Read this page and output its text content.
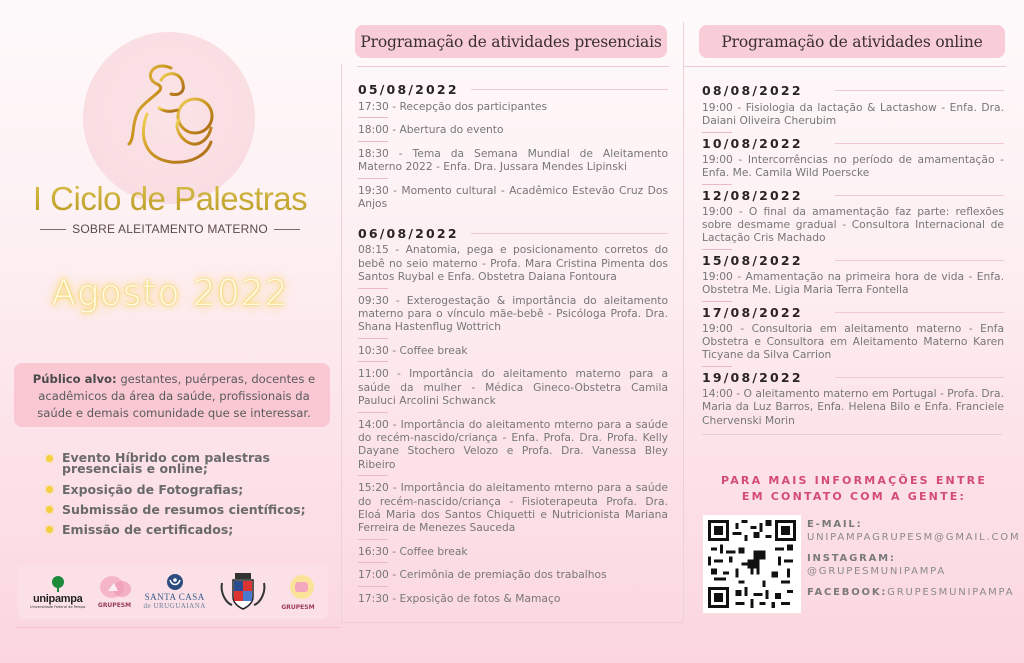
I Ciclo de Palestras
SOBRE ALEITAMENTO MATERNO
Agosto 2022
Público alvo: gestantes, puérperas, docentes e acadêmicos da área da saúde, profissionais da saúde e demais comunidade que se interessar.
Evento Híbrido com palestras presenciais e online;
Exposição de Fotografias;
Submissão de resumos científicos;
Emissão de certificados;
unipampa
Universidade Federal do Pampa GRUPESM
SANTA CASA
de URUGUAIANA	GRUPESM
Programação de atividades presenciais
05/08/2022
17:30 - Recepção dos participantes
18:00 - Abertura do evento
18:30 - Tema da Semana Mundial de Aleitamento Materno 2022 - Enfa. Dra. Jussara Mendes Lipinski
19:30 - Momento cultural - Acadêmico Estevão Cruz Dos Anjos
06/08/2022
08:15 - Anatomia, pega e posicionamento corretos do bebê no seio materno - Profa. Mara Cristina Pimenta dos Santos Ruybal e Enfa. Obstetra Daiana Fontoura
09:30 - Exterogestação & importância do aleitamento materno para o vínculo mãe-bebê - Psicóloga Profa. Dra. Shana Hastenflug Wottrich
10:30 - Coffee break
11:00 - Importância do aleitamento materno para a saúde da mulher - Médica Gineco-Obstetra Camila Pauluci Arcolini Schwanck
14:00 - Importância do aleitamento mterno para a saúde do recém-nascido/criança - Enfa. Profa. Dra. Profa. Kelly Dayane Stochero Velozo e Profa. Dra. Vanessa Bley Ribeiro
15:20 - Importância do aleitamento mterno para a saúde do recém-nascido/criança - Fisioterapeuta Profa. Dra. Eloá Maria dos Santos Chiquetti e Nutricionista Mariana Ferreira de Menezes Sauceda
16:30 - Coffee break
17:00 - Cerimônia de premiação dos trabalhos
17:30 - Exposição de fotos & Mamaço
Programação de atividades online
08/08/2022
19:00 - Fisiologia da lactação & Lactashow - Enfa. Dra. Daiani Oliveira Cherubim
10/08/2022
19:00 - Intercorrências no período de amamentação - Enfa. Me. Camila Wild Poerscke
12/08/2022
19:00 - O final da amamentação faz parte: reflexões sobre desmame gradual - Consultora Internacional de Lactação Cris Machado
15/08/2022
19:00 - Amamentação na primeira hora de vida - Enfa. Obstetra Me. Ligia Maria Terra Fontella
17/08/2022
19:00 - Consultoria em aleitamento materno - Enfa Obstetra e Consultora em Aleitamento Materno Karen Ticyane da Silva Carrion
19/08/2022
14:00 - O aleitamento materno em Portugal - Profa. Dra. Maria da Luz Barros, Enfa. Helena Bilo e Enfa. Franciele Chervenski Morin
PARA MAIS INFORMAÇÕES ENTRE
EM CONTATO COM A GENTE:
E-MAIL:
UNIPAMPAGRUPESM@GMAIL.COM
INSTAGRAM:
@GRUPESMUNIPAMPA
FACEBOOK:GRUPESMUNIPAMPA
